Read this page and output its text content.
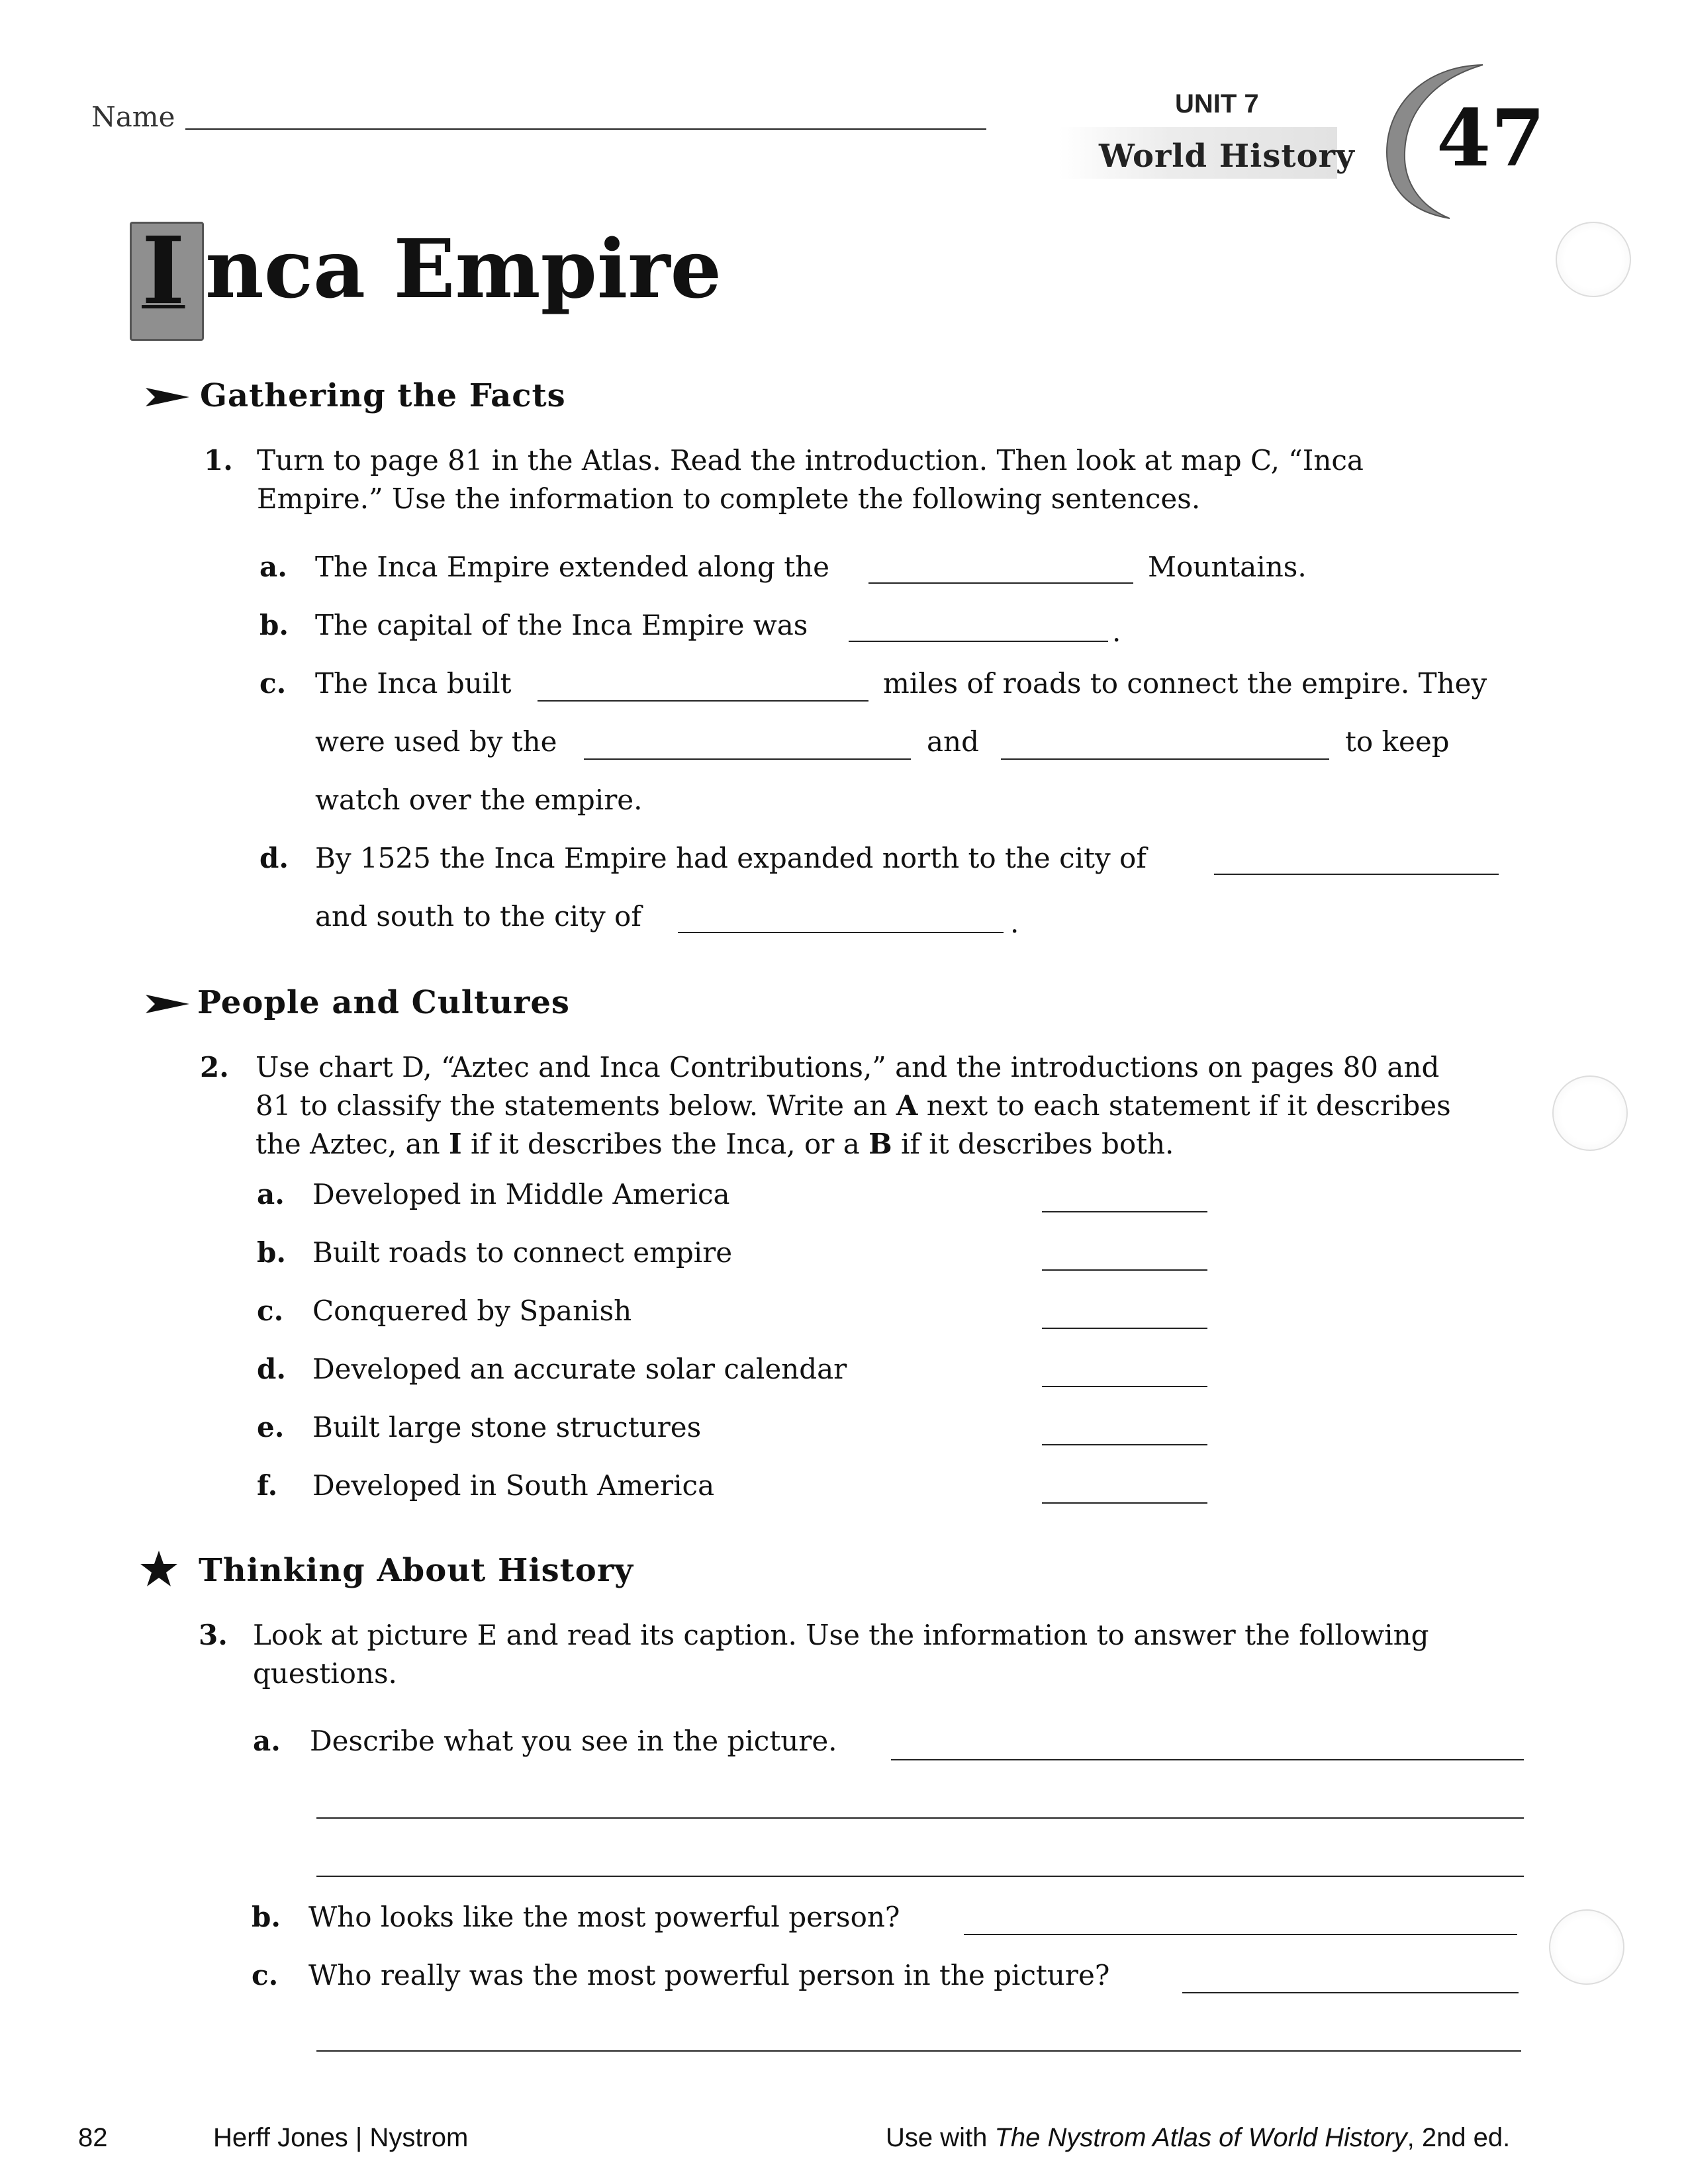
Name	UNIT 7
World History 47
I nca Empire
Gathering the Facts
1. Turn to page 81 in the Atlas. Read the introduction. Then look at map C, “Inca Empire.” Use the information to complete the following sentences.
a. The Inca Empire extended along the	Mountains.
b. The capital of the Inca Empire was	.
c. The Inca built	miles of roads to connect the empire. They
were used by the	and	to keep
watch over the empire.
d. By 1525 the Inca Empire had expanded north to the city of
and south to the city of	.
People and Cultures
2. Use chart D, “Aztec and Inca Contributions,” and the introductions on pages 80 and
81 to classify the statements below. Write an A next to each statement if it describes
the Aztec, an I if it describes the Inca, or a B if it describes both.
a. Developed in Middle America
b. Built roads to connect empire
c. Conquered by Spanish
d. Developed an accurate solar calendar
e. Built large stone structures
f. Developed in South America
Thinking About History
3. Look at picture E and read its caption. Use the information to answer the following questions.
a. Describe what you see in the picture.
b. Who looks like the most powerful person?
c. Who really was the most powerful person in the picture?
82	Herff Jones | Nystrom	Use with The Nystrom Atlas of World History, 2nd ed.
